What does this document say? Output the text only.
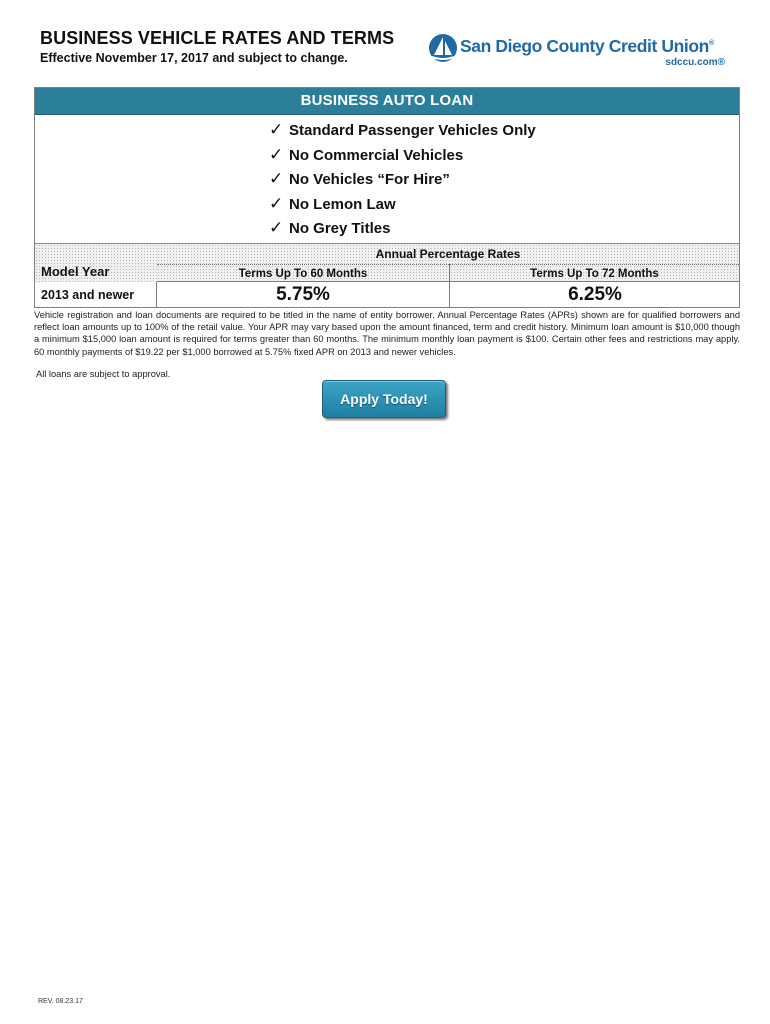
BUSINESS VEHICLE RATES AND TERMS
Effective November 17, 2017 and subject to change.
San Diego County Credit Union®
sdccu.com®
BUSINESS AUTO LOAN
✓ Standard Passenger Vehicles Only
✓ No Commercial Vehicles
✓ No Vehicles “For Hire”
✓ No Lemon Law
✓ No Grey Titles
Model Year
Annual Percentage Rates
Terms Up To 60 Months	Terms Up To 72 Months
2013 and newer	5.75%	6.25%
Vehicle registration and loan documents are required to be titled in the name of entity borrower. Annual Percentage Rates (APRs) shown are for qualified borrowers and reflect loan amounts up to 100% of the retail value. Your APR may vary based upon the amount financed, term and credit history. Minimum loan amount is $10,000 though a minimum $15,000 loan amount is required for terms greater than 60 months. The minimum monthly loan payment is $100. Certain other fees and restrictions may apply. 60 monthly payments of $19.22 per $1,000 borrowed at 5.75% fixed APR on 2013 and newer vehicles.
All loans are subject to approval.
Apply Today!
REV. 08.23.17
